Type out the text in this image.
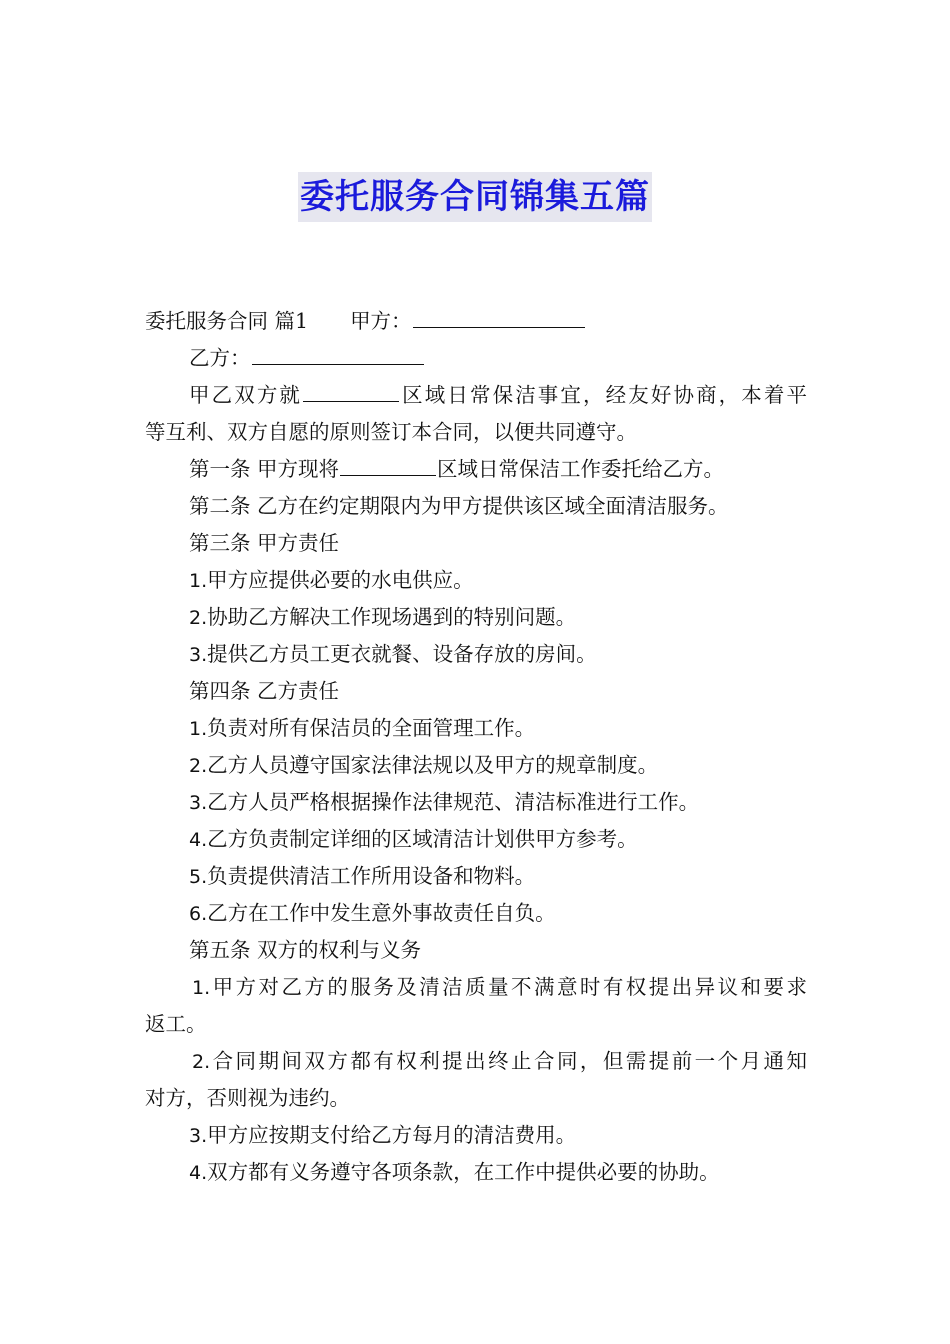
委托服务合同锦集五篇
委托服务合同 篇1 甲方：
乙方：
甲乙双方就	区域日常保洁事宜，经友好协商，本着平
等互利、双方自愿的原则签订本合同，以便共同遵守。
第一条 甲方现将	区域日常保洁工作委托给乙方。
第二条 乙方在约定期限内为甲方提供该区域全面清洁服务。
第三条 甲方责任
1.甲方应提供必要的水电供应。
2.协助乙方解决工作现场遇到的特别问题。
3.提供乙方员工更衣就餐、设备存放的房间。
第四条 乙方责任
1.负责对所有保洁员的全面管理工作。
2.乙方人员遵守国家法律法规以及甲方的规章制度。
3.乙方人员严格根据操作法律规范、清洁标准进行工作。
4.乙方负责制定详细的区域清洁计划供甲方参考。
5.负责提供清洁工作所用设备和物料。
6.乙方在工作中发生意外事故责任自负。
第五条 双方的权利与义务
1.甲方对乙方的服务及清洁质量不满意时有权提出异议和要求
返工。
2.合同期间双方都有权利提出终止合同，但需提前一个月通知
对方，否则视为违约。
3.甲方应按期支付给乙方每月的清洁费用。
4.双方都有义务遵守各项条款，在工作中提供必要的协助。
